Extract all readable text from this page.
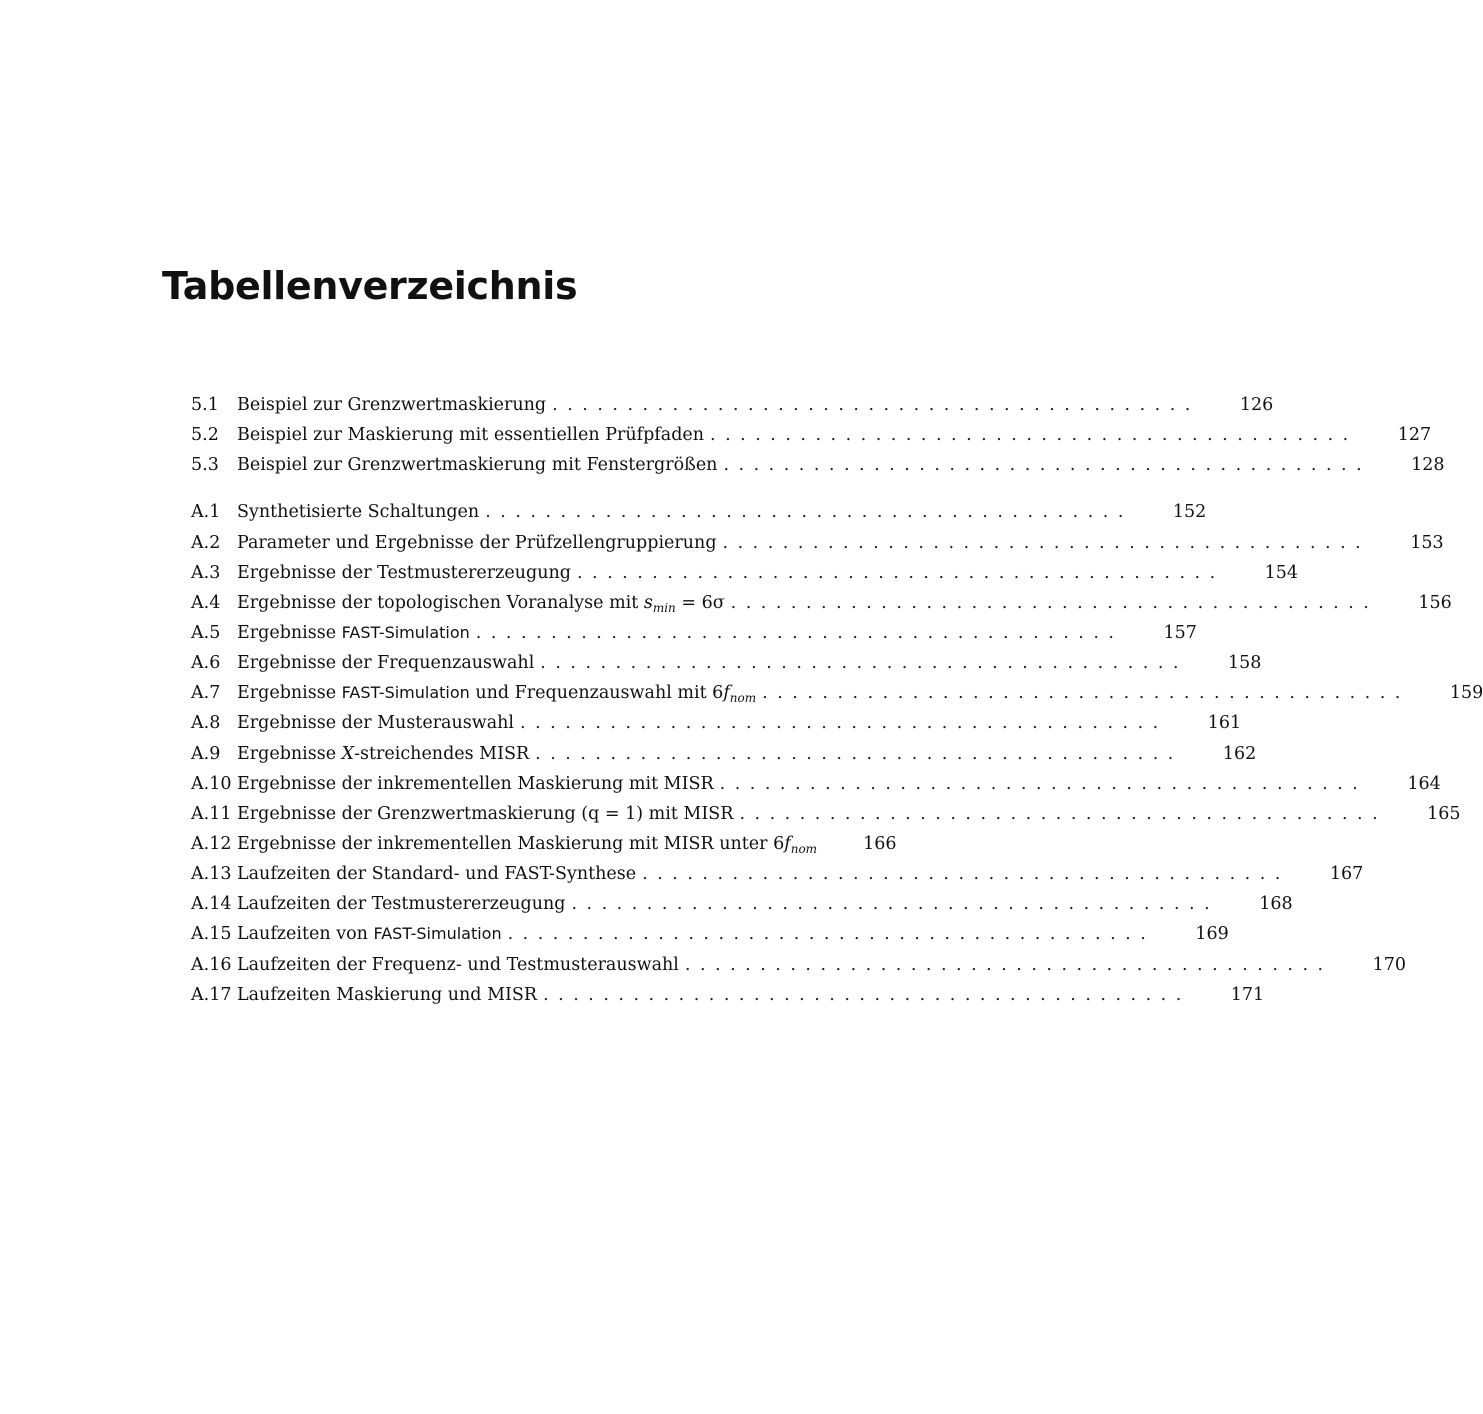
Tabellenverzeichnis
5.1	Beispiel zur Grenzwertmaskierung ........................................... 126
5.2	Beispiel zur Maskierung mit essentiellen Prüfpfaden ........................................... 127
5.3	Beispiel zur Grenzwertmaskierung mit Fenstergrößen ........................................... 128
A.1 Synthetisierte Schaltungen ........................................... 152
A.2 Parameter und Ergebnisse der Prüfzellengruppierung ........................................... 153
A.3 Ergebnisse der Testmustererzeugung ........................................... 154
A.4 Ergebnisse der topologischen Voranalyse mit $s_{min} = 6\sigma$ ........................................... 156
A.5 Ergebnisse FAST-Simulation ........................................... 157
A.6 Ergebnisse der Frequenzauswahl ........................................... 158
A.7 Ergebnisse FAST-Simulation und Frequenzauswahl mit $6f_{nom}$ ........................................... 159
A.8 Ergebnisse der Musterauswahl ........................................... 161
A.9 Ergebnisse X-streichendes MISR ........................................... 162
A.10 Ergebnisse der inkrementellen Maskierung mit MISR ........................................... 164
A.11 Ergebnisse der Grenzwertmaskierung (q = 1) mit MISR ........................................... 165
A.12 Ergebnisse der inkrementellen Maskierung mit MISR unter $6f_{nom}$	166
A.13 Laufzeiten der Standard- und FAST-Synthese ........................................... 167
A.14 Laufzeiten der Testmustererzeugung ........................................... 168
A.15 Laufzeiten von FAST-Simulation ........................................... 169
A.16 Laufzeiten der Frequenz- und Testmusterauswahl ........................................... 170
A.17 Laufzeiten Maskierung und MISR ........................................... 171
